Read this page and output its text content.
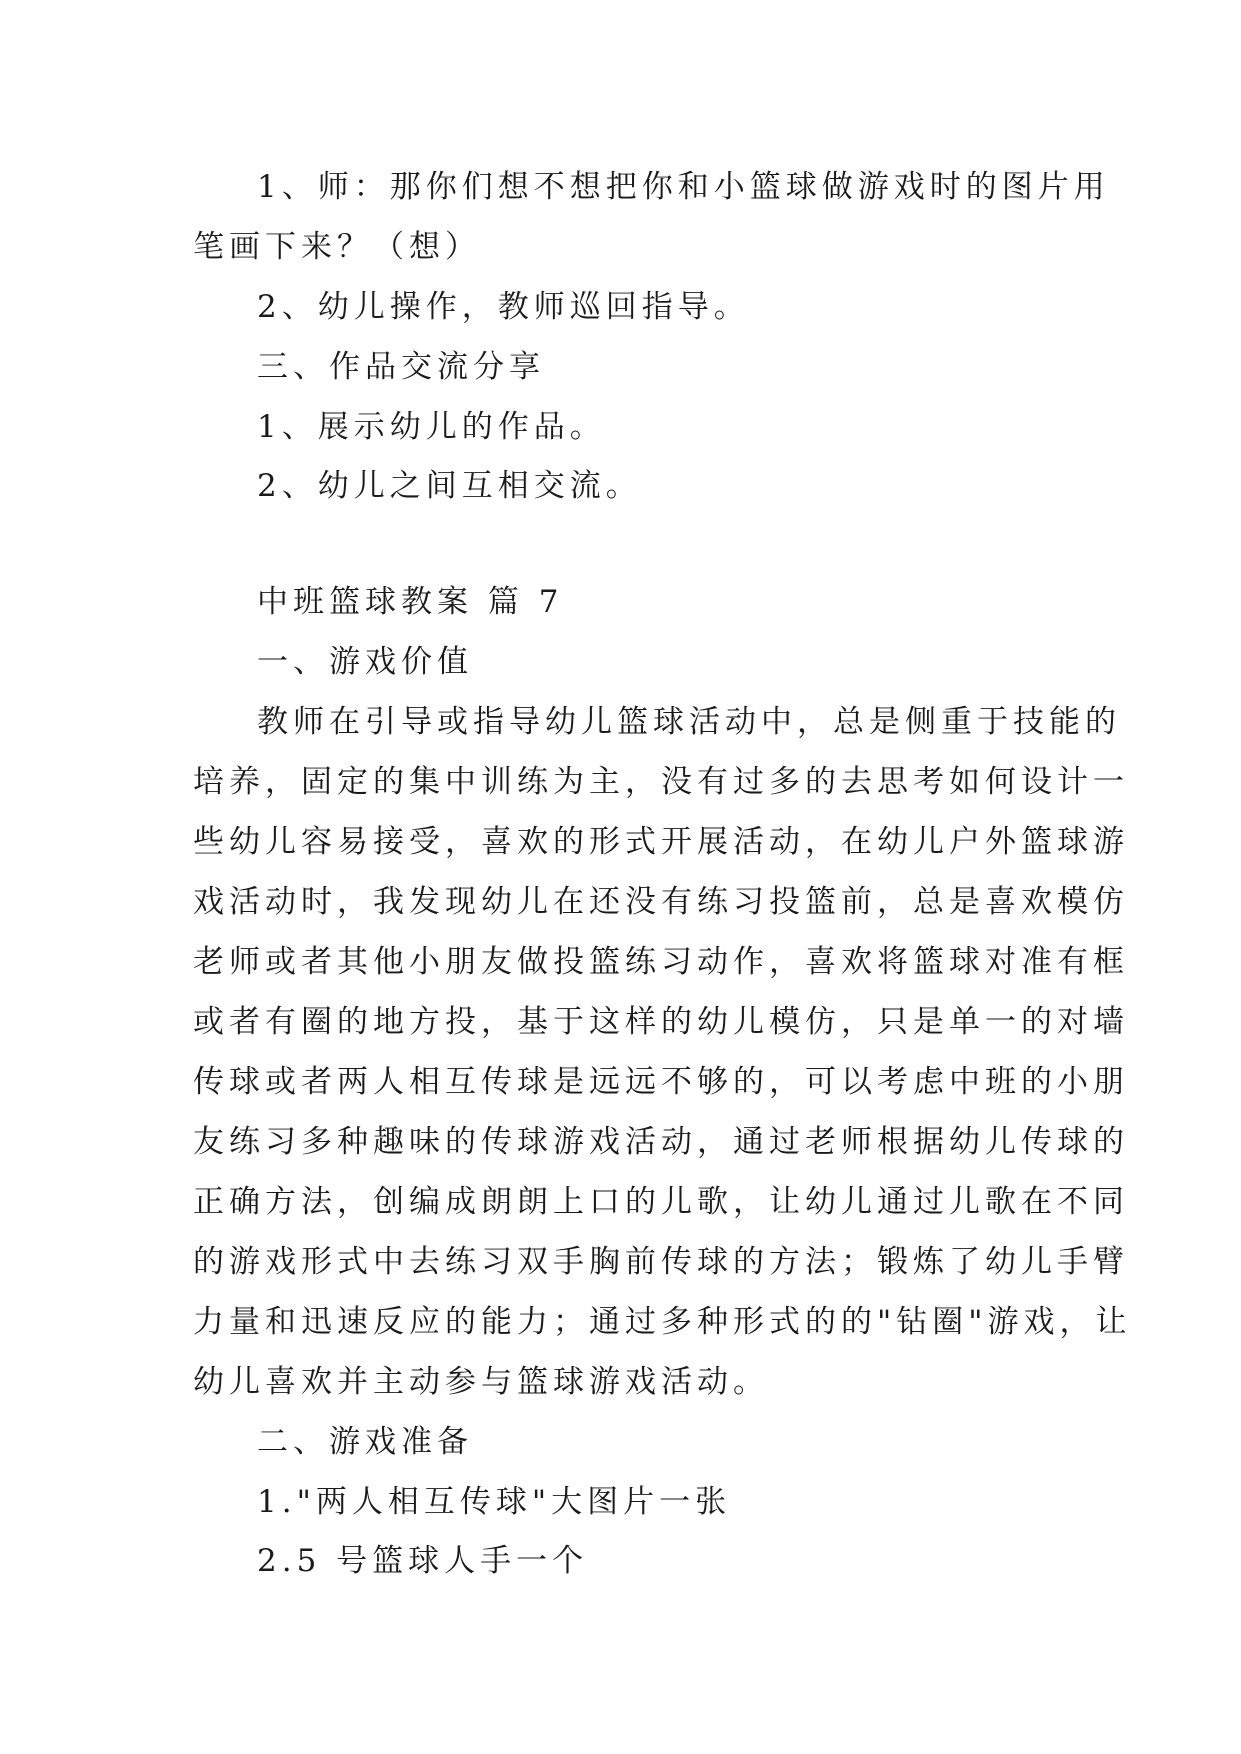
1、师：那你们想不想把你和小篮球做游戏时的图片用
笔画下来？（想）
2、幼儿操作，教师巡回指导。
三、作品交流分享
1、展示幼儿的作品。
2、幼儿之间互相交流。
中班篮球教案 篇 7
一、游戏价值
教师在引导或指导幼儿篮球活动中，总是侧重于技能的
培养，固定的集中训练为主，没有过多的去思考如何设计一
些幼儿容易接受，喜欢的形式开展活动，在幼儿户外篮球游
戏活动时，我发现幼儿在还没有练习投篮前，总是喜欢模仿
老师或者其他小朋友做投篮练习动作，喜欢将篮球对准有框
或者有圈的地方投，基于这样的幼儿模仿，只是单一的对墙
传球或者两人相互传球是远远不够的，可以考虑中班的小朋
友练习多种趣味的传球游戏活动，通过老师根据幼儿传球的
正确方法，创编成朗朗上口的儿歌，让幼儿通过儿歌在不同
的游戏形式中去练习双手胸前传球的方法；锻炼了幼儿手臂
力量和迅速反应的能力；通过多种形式的的"钻圈"游戏，让
幼儿喜欢并主动参与篮球游戏活动。
二、游戏准备
1."两人相互传球"大图片一张
2.5 号篮球人手一个
